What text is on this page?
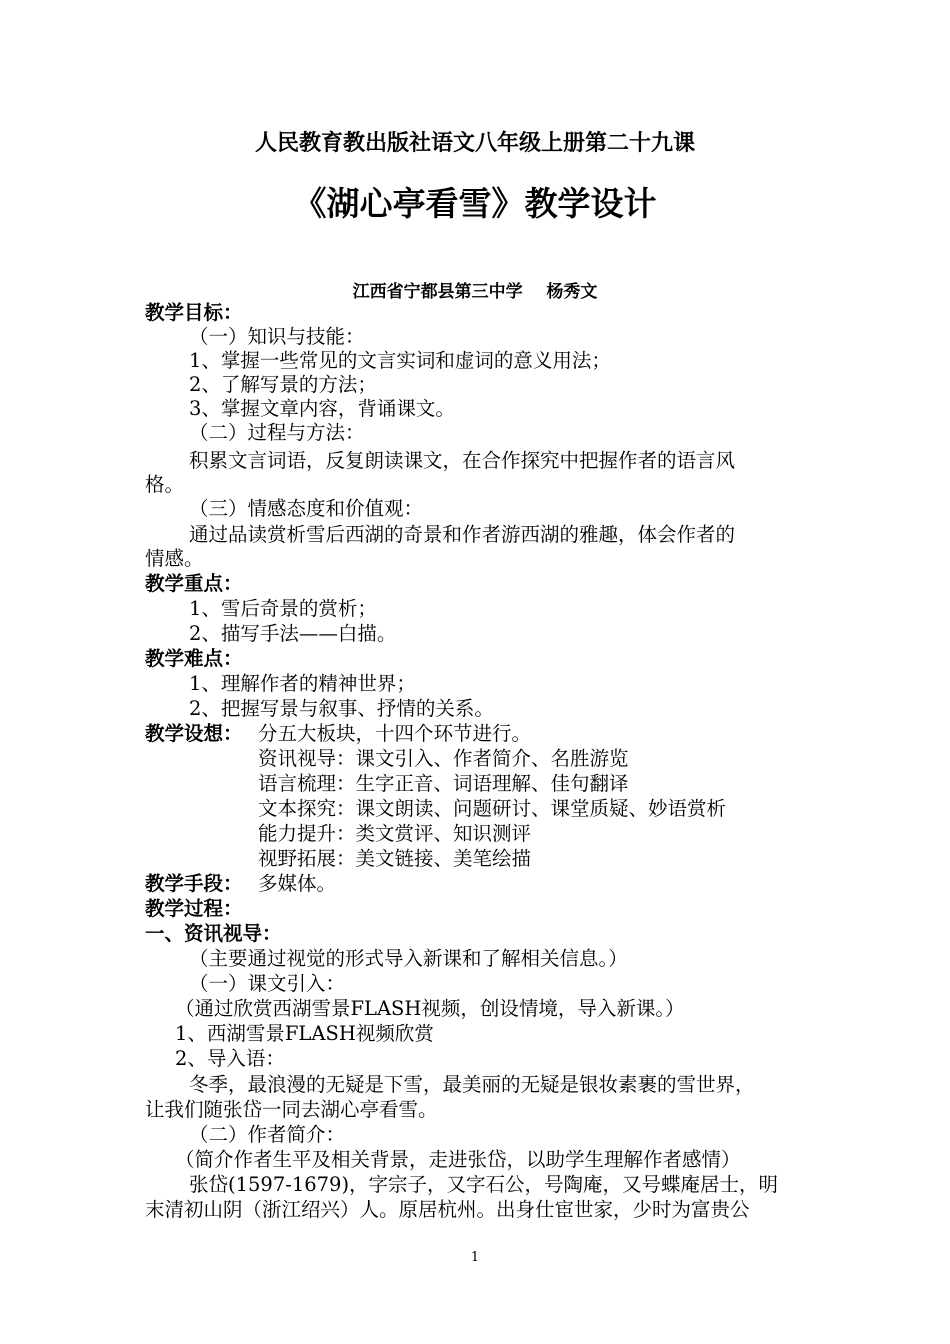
人民教育教出版社语文八年级上册第二十九课
《湖心亭看雪》教学设计
江西省宁都县第三中学    杨秀文
教学目标：
（一）知识与技能：
1、掌握一些常见的文言实词和虚词的意义用法；
2、了解写景的方法；
3、掌握文章内容，背诵课文。
（二）过程与方法：
积累文言词语，反复朗读课文，在合作探究中把握作者的语言风
格。
（三）情感态度和价值观：
通过品读赏析雪后西湖的奇景和作者游西湖的雅趣，体会作者的
情感。
教学重点：
1、雪后奇景的赏析；
2、描写手法——白描。
教学难点：
1、理解作者的精神世界；
2、把握写景与叙事、抒情的关系。
教学设想： 分五大板块，十四个环节进行。
资讯视导：课文引入、作者简介、名胜游览
语言梳理：生字正音、词语理解、佳句翻译
文本探究：课文朗读、问题研讨、课堂质疑、妙语赏析
能力提升：类文赏评、知识测评
视野拓展：美文链接、美笔绘描
教学手段： 多媒体。
教学过程：
一、资讯视导：
（主要通过视觉的形式导入新课和了解相关信息。）
（一）课文引入：
（通过欣赏西湖雪景FLASH视频，创设情境，导入新课。）
1、西湖雪景FLASH视频欣赏
2、导入语：
冬季，最浪漫的无疑是下雪，最美丽的无疑是银妆素裹的雪世界，
让我们随张岱一同去湖心亭看雪。
（二）作者简介：
（简介作者生平及相关背景，走进张岱，以助学生理解作者感情）
张岱(1597-1679)，字宗子，又字石公，号陶庵，又号蝶庵居士，明
末清初山阴（浙江绍兴）人。原居杭州。出身仕宦世家，少时为富贵公
1
